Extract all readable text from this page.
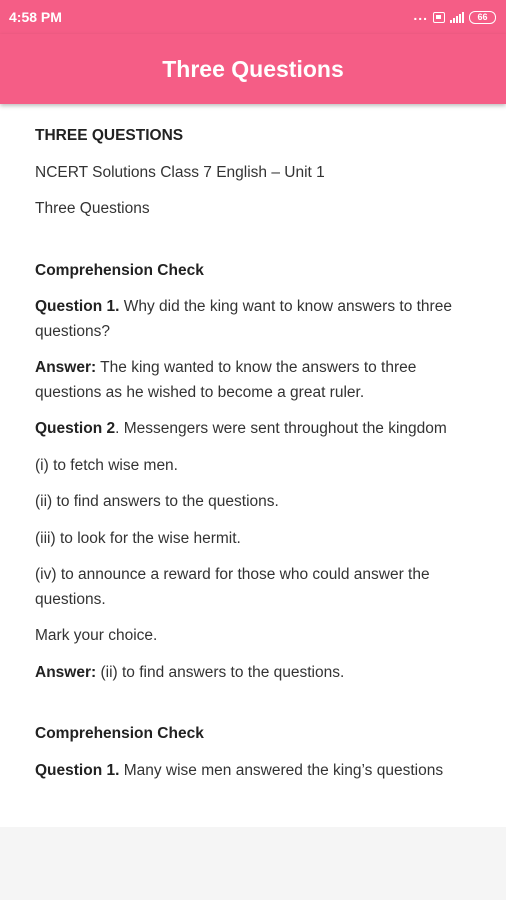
4:58 PM	...	66
Three Questions

THREE QUESTIONS

NCERT Solutions Class 7 English – Unit 1

Three Questions

Comprehension Check

Question 1. Why did the king want to know answers to three questions?

Answer: The king wanted to know the answers to three questions as he wished to become a great ruler.

Question 2. Messengers were sent throughout the kingdom

(i) to fetch wise men.

(ii) to find answers to the questions.

(iii) to look for the wise hermit.

(iv) to announce a reward for those who could answer the questions.

Mark your choice.

Answer: (ii) to find answers to the questions.

Comprehension Check

Question 1. Many wise men answered the king’s questions
